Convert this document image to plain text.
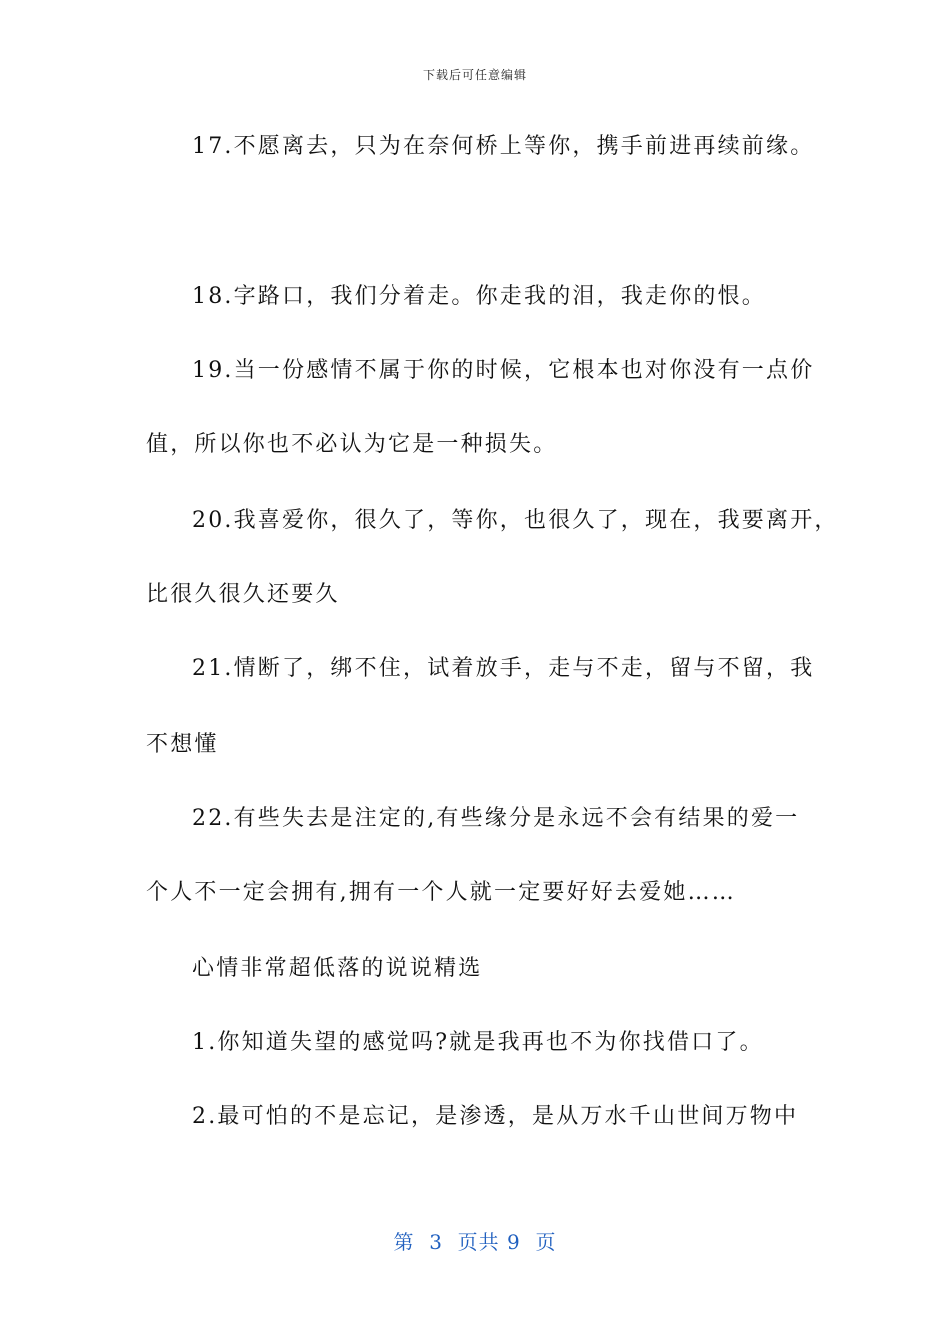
下载后可任意编辑
17.不愿离去，只为在奈何桥上等你，携手前进再续前缘。
18.字路口，我们分着走。你走我的泪，我走你的恨。
19.当一份感情不属于你的时候，它根本也对你没有一点价
值，所以你也不必认为它是一种损失。
20.我喜爱你，很久了，等你，也很久了，现在，我要离开，
比很久很久还要久
21.情断了，绑不住，试着放手，走与不走，留与不留，我
不想懂
22.有些失去是注定的,有些缘分是永远不会有结果的爱一
个人不一定会拥有,拥有一个人就一定要好好去爱她……
心情非常超低落的说说精选
1.你知道失望的感觉吗?就是我再也不为你找借口了。
2.最可怕的不是忘记，是渗透，是从万水千山世间万物中
第  3  页共 9  页
